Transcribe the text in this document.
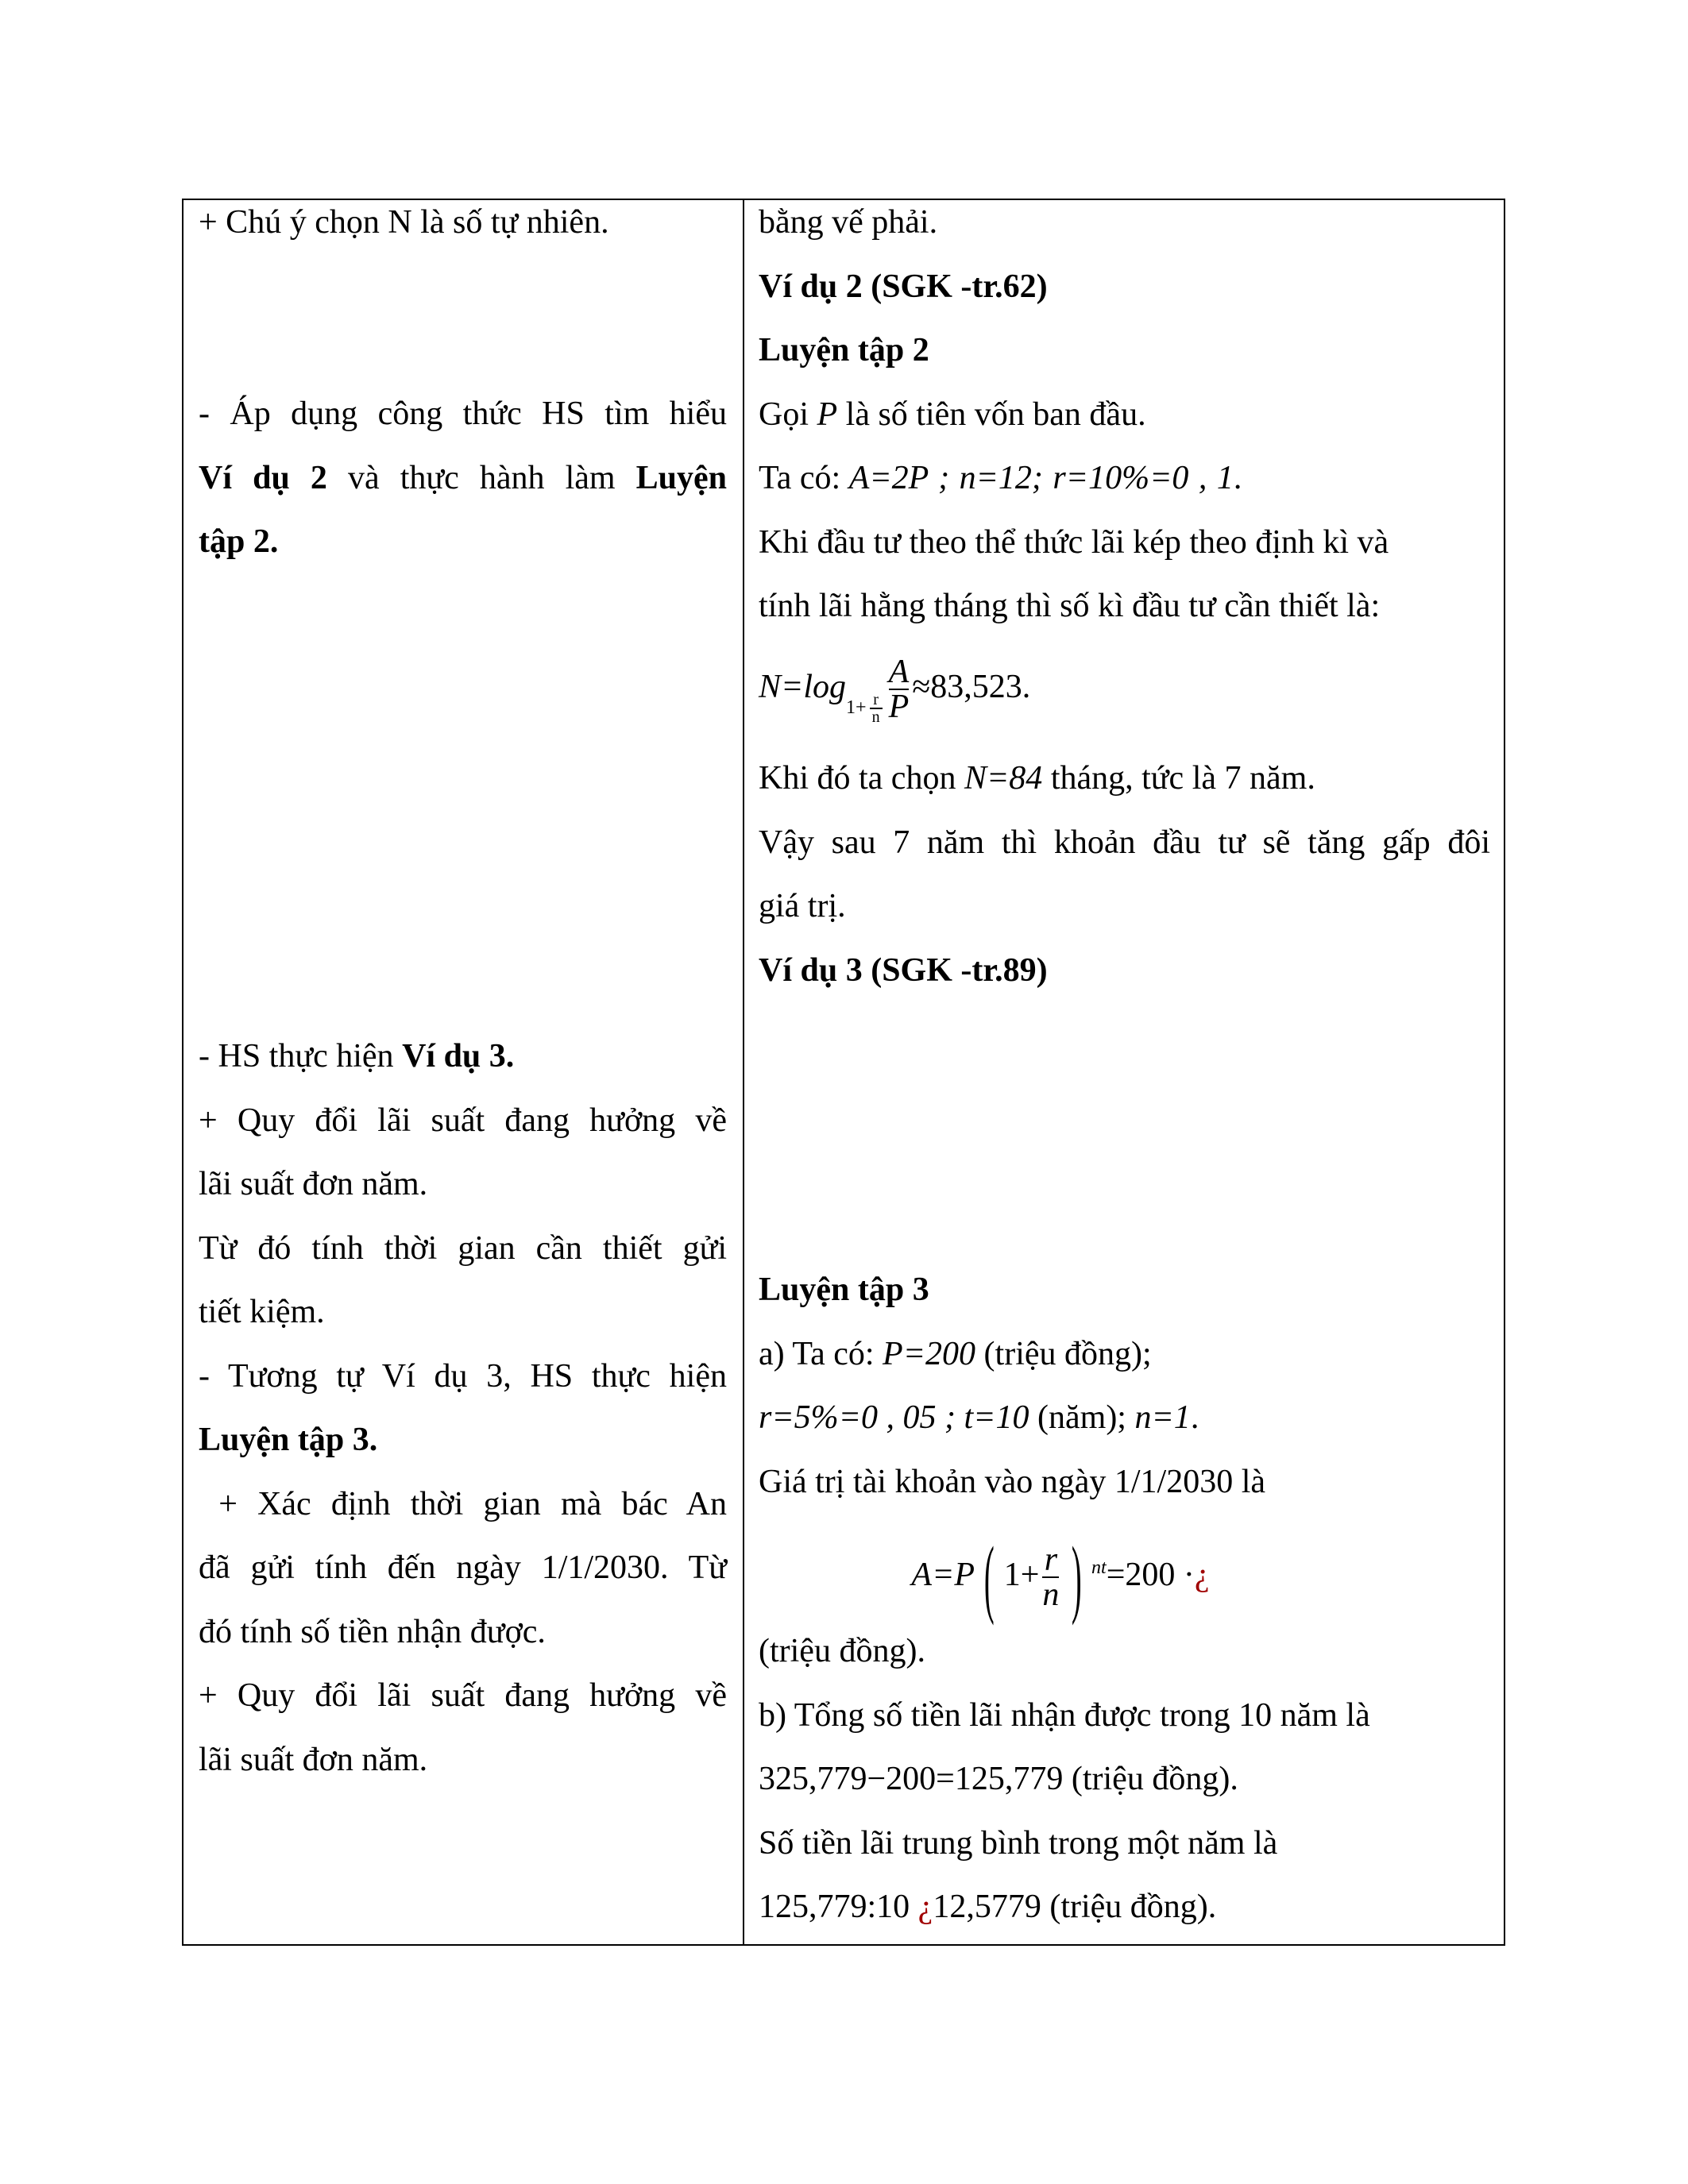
+ Chú ý chọn N là số tự nhiên.
- Áp dụng công thức HS tìm hiểu
Ví dụ 2 và thực hành làm Luyện
tập 2.
- HS thực hiện Ví dụ 3.
+ Quy đổi lãi suất đang hưởng về
lãi suất đơn năm.
Từ đó tính thời gian cần thiết gửi
tiết kiệm.
- Tương tự Ví dụ 3, HS thực hiện
Luyện tập 3.
+ Xác định thời gian mà bác An
đã gửi tính đến ngày 1/1/2030. Từ
đó tính số tiền nhận được.
+ Quy đổi lãi suất đang hưởng về
lãi suất đơn năm.
bằng vế phải.
Ví dụ 2 (SGK -tr.62)
Luyện tập 2
Gọi P là số tiên vốn ban đầu.
Ta có: A=2P ; n=12; r=10%=0 , 1.
Khi đầu tư theo thể thức lãi kép theo định kì và
tính lãi hằng tháng thì số kì đầu tư cần thiết là:
$N=\log_{1+ \frac{r}{n}} \frac{A}{P} \approx 83,523$.
Khi đó ta chọn N=84 tháng, tức là 7 năm.
Vậy sau 7 năm thì khoản đầu tư sẽ tăng gấp đôi
giá trị.
Ví dụ 3 (SGK -tr.89)
Luyện tập 3
a) Ta có: P=200 (triệu đồng);
r=5%=0 , 05 ; t=10 (năm); n=1.
Giá trị tài khoản vào ngày 1/1/2030 là
A=P ( $1+ \frac{r}{n}$ ) $^{nt}$=200 ·¿
(triệu đồng).
b) Tổng số tiền lãi nhận được trong 10 năm là
325,779−200=125,779 (triệu đồng).
Số tiền lãi trung bình trong một năm là
125,779:10 ¿12,5779 (triệu đồng).
